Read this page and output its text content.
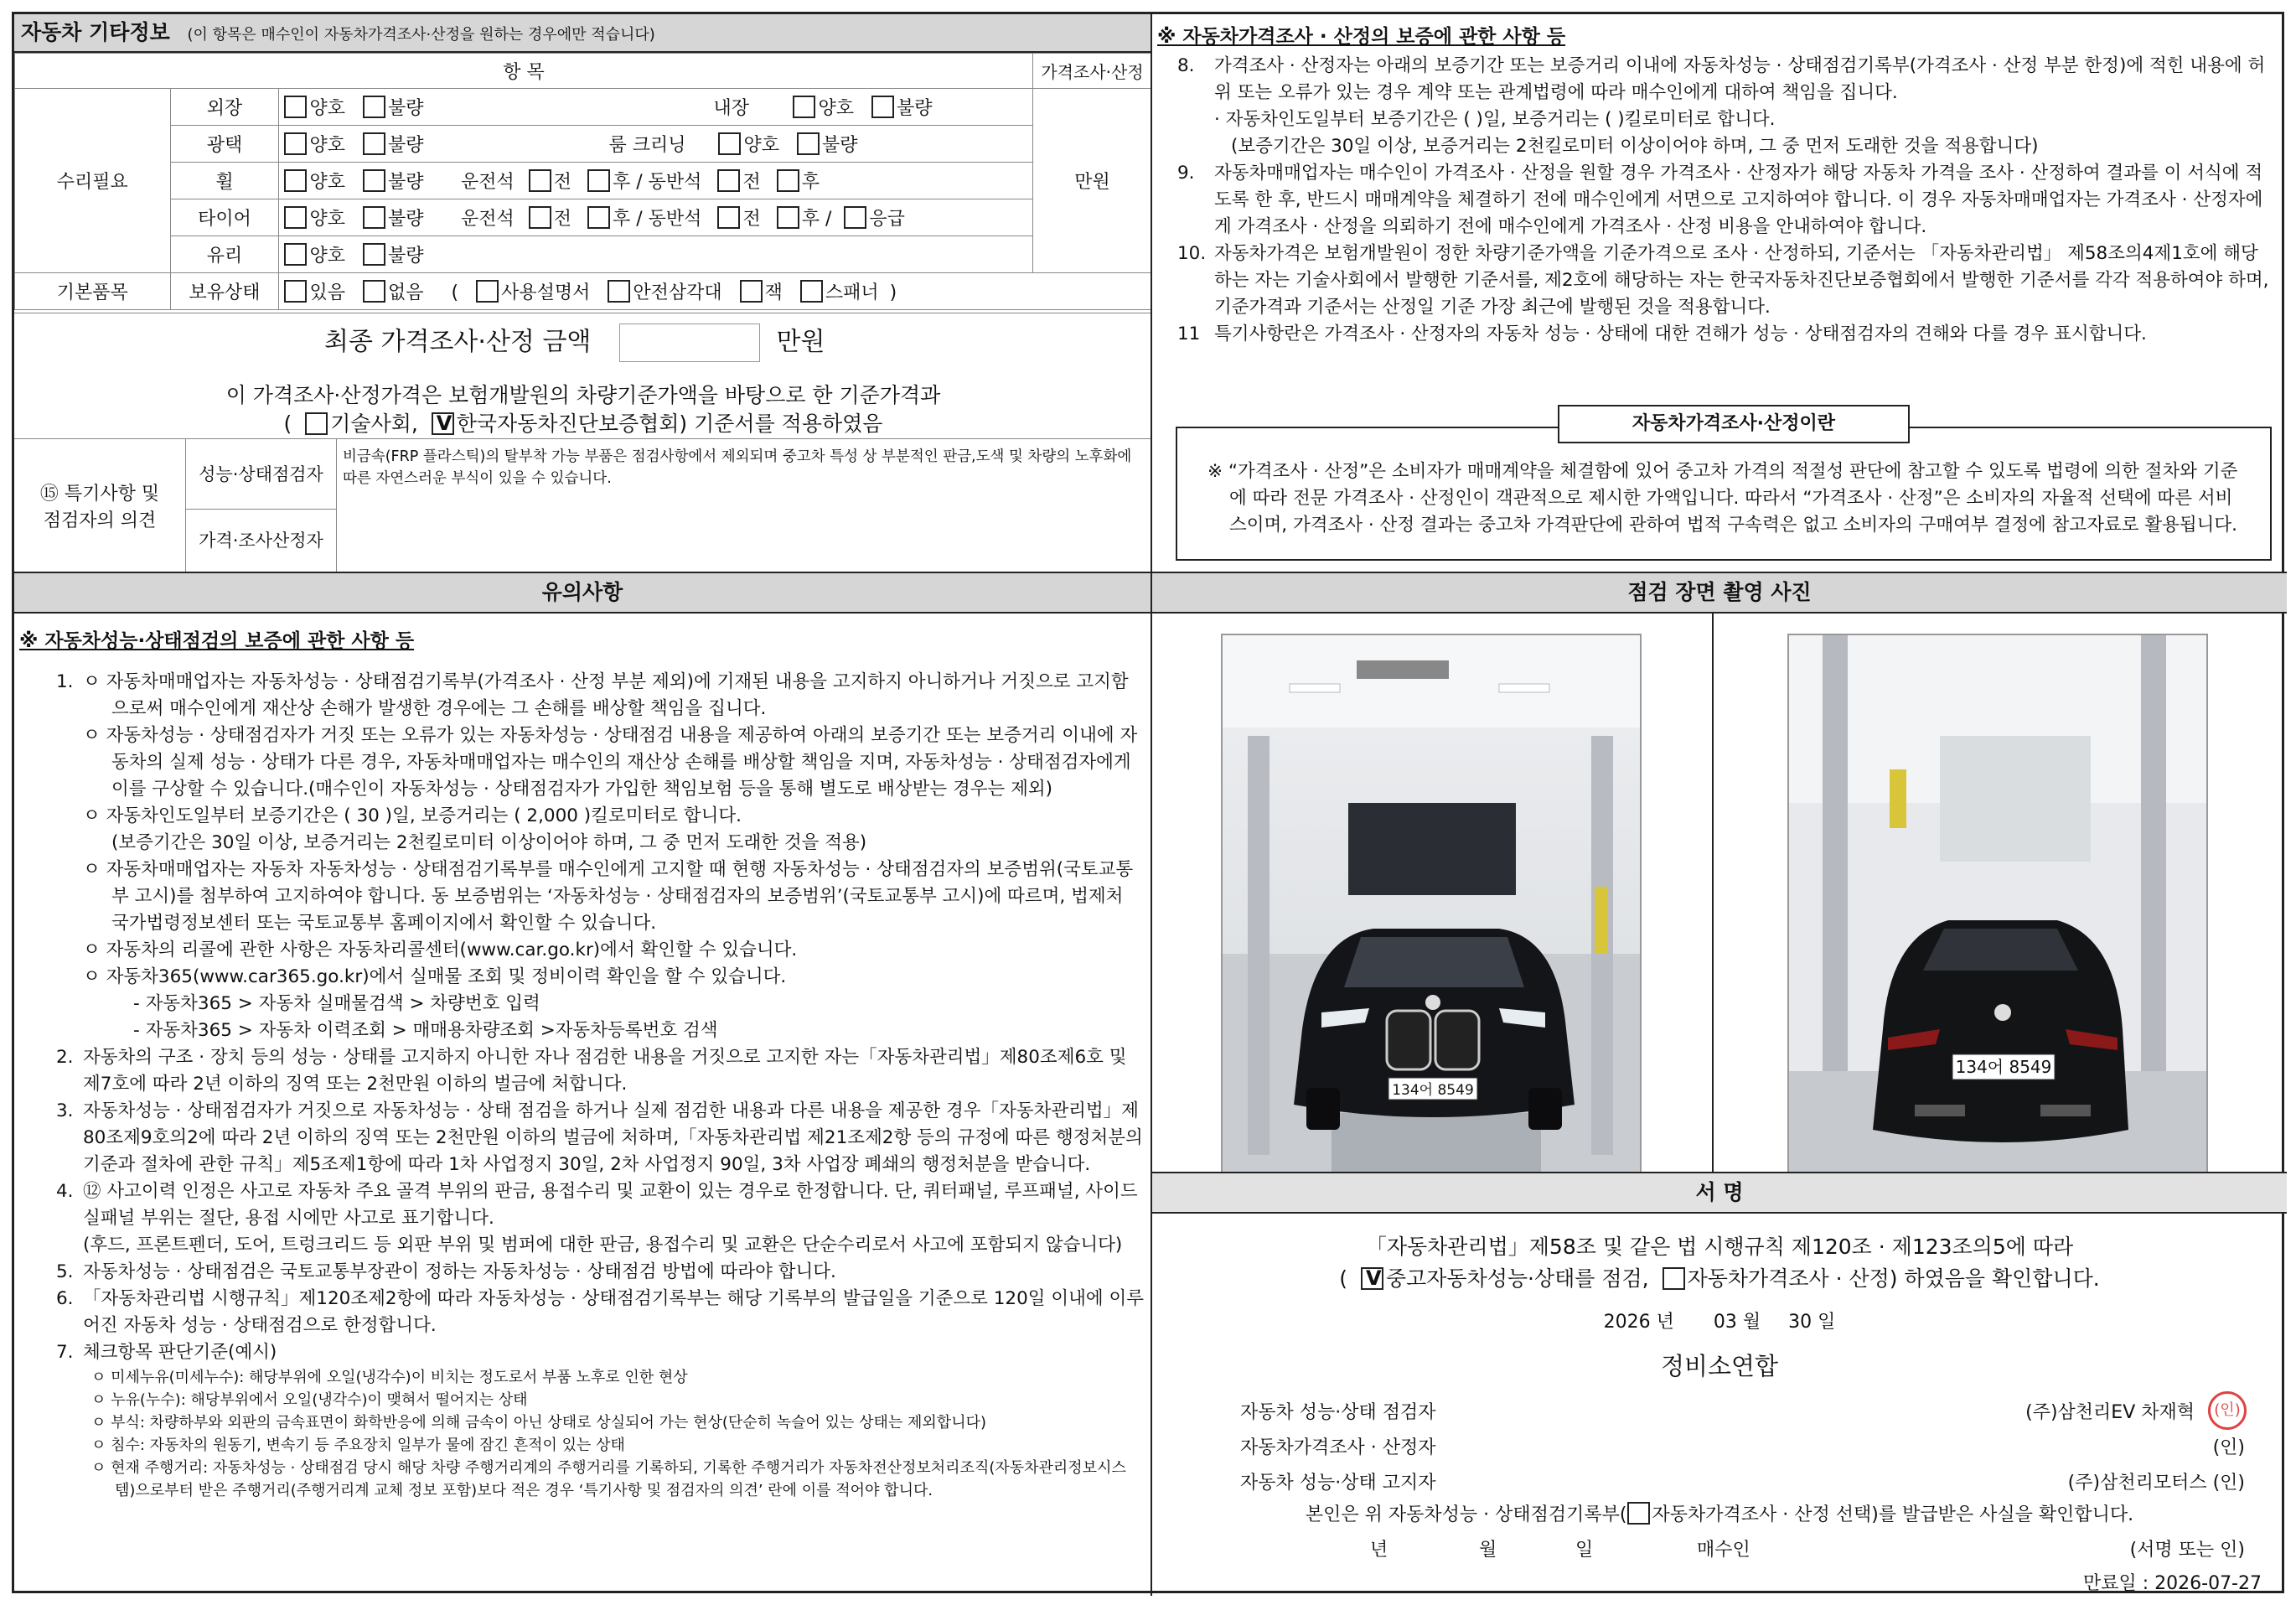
자동차 기타정보 (이 항목은 매수인이 자동차가격조사·산정을 원하는 경우에만 적습니다)
항 목			가격조사·산정
수리필요	외장	양호 불량 내장 양호 불량	만원
	광택	양호 불량 룸 크리닝 양호 불량	
	휠	양호 불량 운전석 전 후 / 동반석 전 후	
	타이어	양호 불량 운전석 전 후 / 동반석 전 후 / 응급	
	유리	양호 불량	
기본품목	보유상태	있음 없음 ( 사용설명서 안전삼각대 잭 스패너 )	
최종 가격조사·산정 금액	만원
이 가격조사·산정가격은 보험개발원의 차량기준가액을 바탕으로 한 기준가격과
( 기술사회, V 한국자동차진단보증협회) 기준서를 적용하였음
⑮ 특기사항 및
점검자의 의견
성능·상태점검자
비금속(FRP 플라스틱)의 탈부착 가능 부품은 점검사항에서 제외되며 중고차 특성 상 부분적인 판금,도색 및 차량의 노후화에 따른 자연스러운 부식이 있을 수 있습니다.
가격·조사산정자
※ 자동차가격조사 · 산정의 보증에 관한 사항 등
8. 가격조사 · 산정자는 아래의 보증기간 또는 보증거리 이내에 자동차성능 · 상태점검기록부(가격조사 · 산정 부분 한정)에 적힌 내용에 허위 또는 오류가 있는 경우 계약 또는 관계법령에 따라 매수인에게 대하여 책임을 집니다.
· 자동차인도일부터 보증기간은 ( )일, 보증거리는 ( )킬로미터로 합니다.
(보증기간은 30일 이상, 보증거리는 2천킬로미터 이상이어야 하며, 그 중 먼저 도래한 것을 적용합니다)
9. 자동차매매업자는 매수인이 가격조사 · 산정을 원할 경우 가격조사 · 산정자가 해당 자동차 가격을 조사 · 산정하여 결과를 이 서식에 적도록 한 후, 반드시 매매계약을 체결하기 전에 매수인에게 서면으로 고지하여야 합니다. 이 경우 자동차매매업자는 가격조사 · 산정자에게 가격조사 · 산정을 의뢰하기 전에 매수인에게 가격조사 · 산정 비용을 안내하여야 합니다.
10. 자동차가격은 보험개발원이 정한 차량기준가액을 기준가격으로 조사 · 산정하되, 기준서는 「자동차관리법」 제58조의4제1호에 해당하는 자는 기술사회에서 발행한 기준서를, 제2호에 해당하는 자는 한국자동차진단보증협회에서 발행한 기준서를 각각 적용하여야 하며, 기준가격과 기준서는 산정일 기준 가장 최근에 발행된 것을 적용합니다.
11 특기사항란은 가격조사 · 산정자의 자동차 성능 · 상태에 대한 견해가 성능 · 상태점검자의 견해와 다를 경우 표시합니다.
※ “가격조사 · 산정”은 소비자가 매매계약을 체결함에 있어 중고차 가격의 적절성 판단에 참고할 수 있도록 법령에 의한 절차와 기준에 따라 전문 가격조사 · 산정인이 객관적으로 제시한 가액입니다. 따라서 “가격조사 · 산정”은 소비자의 자율적 선택에 따른 서비스이며, 가격조사 · 산정 결과는 중고차 가격판단에 관하여 법적 구속력은 없고 소비자의 구매여부 결정에 참고자료로 활용됩니다.
자동차가격조사·산정이란
유의사항
※ 자동차성능·상태점검의 보증에 관한 사항 등
1. ㅇ 자동차매매업자는 자동차성능 · 상태점검기록부(가격조사 · 산정 부분 제외)에 기재된 내용을 고지하지 아니하거나 거짓으로 고지함으로써 매수인에게 재산상 손해가 발생한 경우에는 그 손해를 배상할 책임을 집니다.
ㅇ 자동차성능 · 상태점검자가 거짓 또는 오류가 있는 자동차성능 · 상태점검 내용을 제공하여 아래의 보증기간 또는 보증거리 이내에 자동차의 실제 성능 · 상태가 다른 경우, 자동차매매업자는 매수인의 재산상 손해를 배상할 책임을 지며, 자동차성능 · 상태점검자에게 이를 구상할 수 있습니다.(매수인이 자동차성능 · 상태점검자가 가입한 책임보험 등을 통해 별도로 배상받는 경우는 제외)
ㅇ 자동차인도일부터 보증기간은 ( 30 )일, 보증거리는 ( 2,000 )킬로미터로 합니다.
(보증기간은 30일 이상, 보증거리는 2천킬로미터 이상이어야 하며, 그 중 먼저 도래한 것을 적용)
ㅇ 자동차매매업자는 자동차 자동차성능 · 상태점검기록부를 매수인에게 고지할 때 현행 자동차성능 · 상태점검자의 보증범위(국토교통부 고시)를 첨부하여 고지하여야 합니다. 동 보증범위는 ‘자동차성능 · 상태점검자의 보증범위’(국토교통부 고시)에 따르며, 법제처 국가법령정보센터 또는 국토교통부 홈페이지에서 확인할 수 있습니다.
ㅇ 자동차의 리콜에 관한 사항은 자동차리콜센터(www.car.go.kr)에서 확인할 수 있습니다.
ㅇ 자동차365(www.car365.go.kr)에서 실매물 조회 및 정비이력 확인을 할 수 있습니다.
- 자동차365 > 자동차 실매물검색 > 차량번호 입력
- 자동차365 > 자동차 이력조회 > 매매용차량조회 >자동차등록번호 검색
2. 자동차의 구조 · 장치 등의 성능 · 상태를 고지하지 아니한 자나 점검한 내용을 거짓으로 고지한 자는「자동차관리법」제80조제6호 및 제7호에 따라 2년 이하의 징역 또는 2천만원 이하의 벌금에 처합니다.
3. 자동차성능 · 상태점검자가 거짓으로 자동차성능 · 상태 점검을 하거나 실제 점검한 내용과 다른 내용을 제공한 경우「자동차관리법」제80조제9호의2에 따라 2년 이하의 징역 또는 2천만원 이하의 벌금에 처하며,「자동차관리법 제21조제2항 등의 규정에 따른 행정처분의 기준과 절차에 관한 규칙」제5조제1항에 따라 1차 사업정지 30일, 2차 사업정지 90일, 3차 사업장 폐쇄의 행정처분을 받습니다.
4. ⑫ 사고이력 인정은 사고로 자동차 주요 골격 부위의 판금, 용접수리 및 교환이 있는 경우로 한정합니다. 단, 쿼터패널, 루프패널, 사이드실패널 부위는 절단, 용접 시에만 사고로 표기합니다.
(후드, 프론트펜더, 도어, 트렁크리드 등 외판 부위 및 범퍼에 대한 판금, 용접수리 및 교환은 단순수리로서 사고에 포함되지 않습니다)
5. 자동차성능 · 상태점검은 국토교통부장관이 정하는 자동차성능 · 상태점검 방법에 따라야 합니다.
6. 「자동차관리법 시행규칙」제120조제2항에 따라 자동차성능 · 상태점검기록부는 해당 기록부의 발급일을 기준으로 120일 이내에 이루어진 자동차 성능 · 상태점검으로 한정합니다.
7. 체크항목 판단기준(예시)
ㅇ 미세누유(미세누수): 해당부위에 오일(냉각수)이 비치는 정도로서 부품 노후로 인한 현상
ㅇ 누유(누수): 해당부위에서 오일(냉각수)이 맺혀서 떨어지는 상태
ㅇ 부식: 차량하부와 외판의 금속표면이 화학반응에 의해 금속이 아닌 상태로 상실되어 가는 현상(단순히 녹슬어 있는 상태는 제외합니다)
ㅇ 침수: 자동차의 원동기, 변속기 등 주요장치 일부가 물에 잠긴 흔적이 있는 상태
ㅇ 현재 주행거리: 자동차성능 · 상태점검 당시 해당 차량 주행거리계의 주행거리를 기록하되, 기록한 주행거리가 자동차전산정보처리조직(자동차관리정보시스템)으로부터 받은 주행거리(주행거리계 교체 정보 포함)보다 적은 경우 ‘특기사항 및 점검자의 의견’ 란에 이를 적어야 합니다.
점검 장면 촬영 사진
134어 8549
134어 8549
서 명
「자동차관리법」제58조 및 같은 법 시행규칙 제120조 · 제123조의5에 따라
( V 중고자동차성능·상태를 점검, 자동차가격조사 · 산정) 하였음을 확인합니다.
2026 년 03 월 30 일
정비소연합
자동차 성능·상태 점검자	(주)삼천리EV 차재혁	(인)
자동차가격조사 · 산정자	(인)
자동차 성능·상태 고지자	(주)삼천리모터스 (인)
본인은 위 자동차성능 · 상태점검기록부( 자동차가격조사 · 산정 선택)를 발급받은 사실을 확인합니다.
년	월	일	매수인	(서명 또는 인)
만료일 : 2026-07-27
